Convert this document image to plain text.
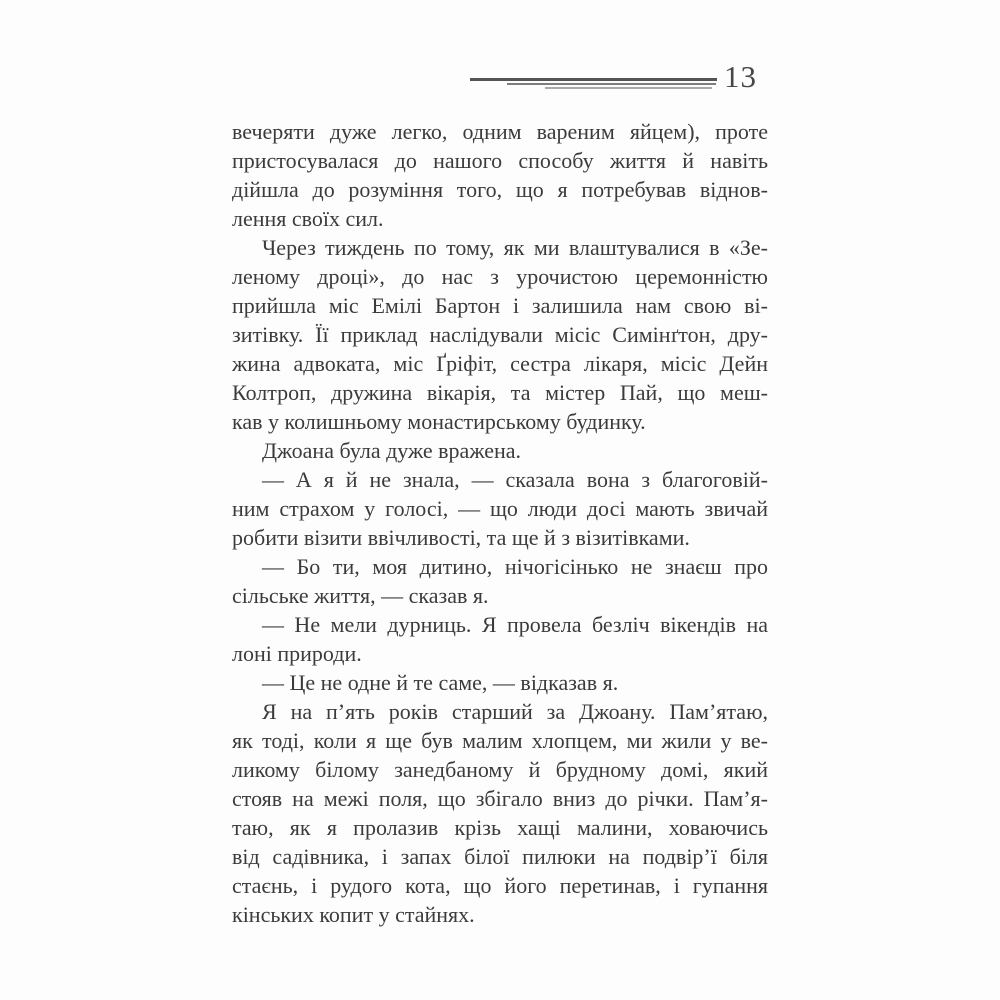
13
вечеряти дуже легко, одним вареним яйцем), проте
пристосувалася до нашого способу життя й навіть
дійшла до розуміння того, що я потребував віднов-
лення своїх сил.
Через тиждень по тому, як ми влаштувалися в «Зе-
леному дроці», до нас з урочистою церемонністю
прийшла міс Емілі Бартон і залишила нам свою ві-
зитівку. Її приклад наслідували місіс Симінґтон, дру-
жина адвоката, міс Ґріфіт, сестра лікаря, місіс Дейн
Колтроп, дружина вікарія, та містер Пай, що меш-
кав у колишньому монастирському будинку.
Джоана була дуже вражена.
— А я й не знала, — сказала вона з благоговій-
ним страхом у голосі, — що люди досі мають звичай
робити візити ввічливості, та ще й з візитівками.
— Бо ти, моя дитино, нічогісінько не знаєш про
сільське життя, — сказав я.
— Не мели дурниць. Я провела безліч вікендів на
лоні природи.
— Це не одне й те саме, — відказав я.
Я на п’ять років старший за Джоану. Пам’ятаю,
як тоді, коли я ще був малим хлопцем, ми жили у ве-
ликому білому занедбаному й брудному домі, який
стояв на межі поля, що збігало вниз до річки. Пам’я-
таю, як я пролазив крізь хащі малини, ховаючись
від садівника, і запах білої пилюки на подвір’ї біля
стаєнь, і рудого кота, що його перетинав, і гупання
кінських копит у стайнях.
